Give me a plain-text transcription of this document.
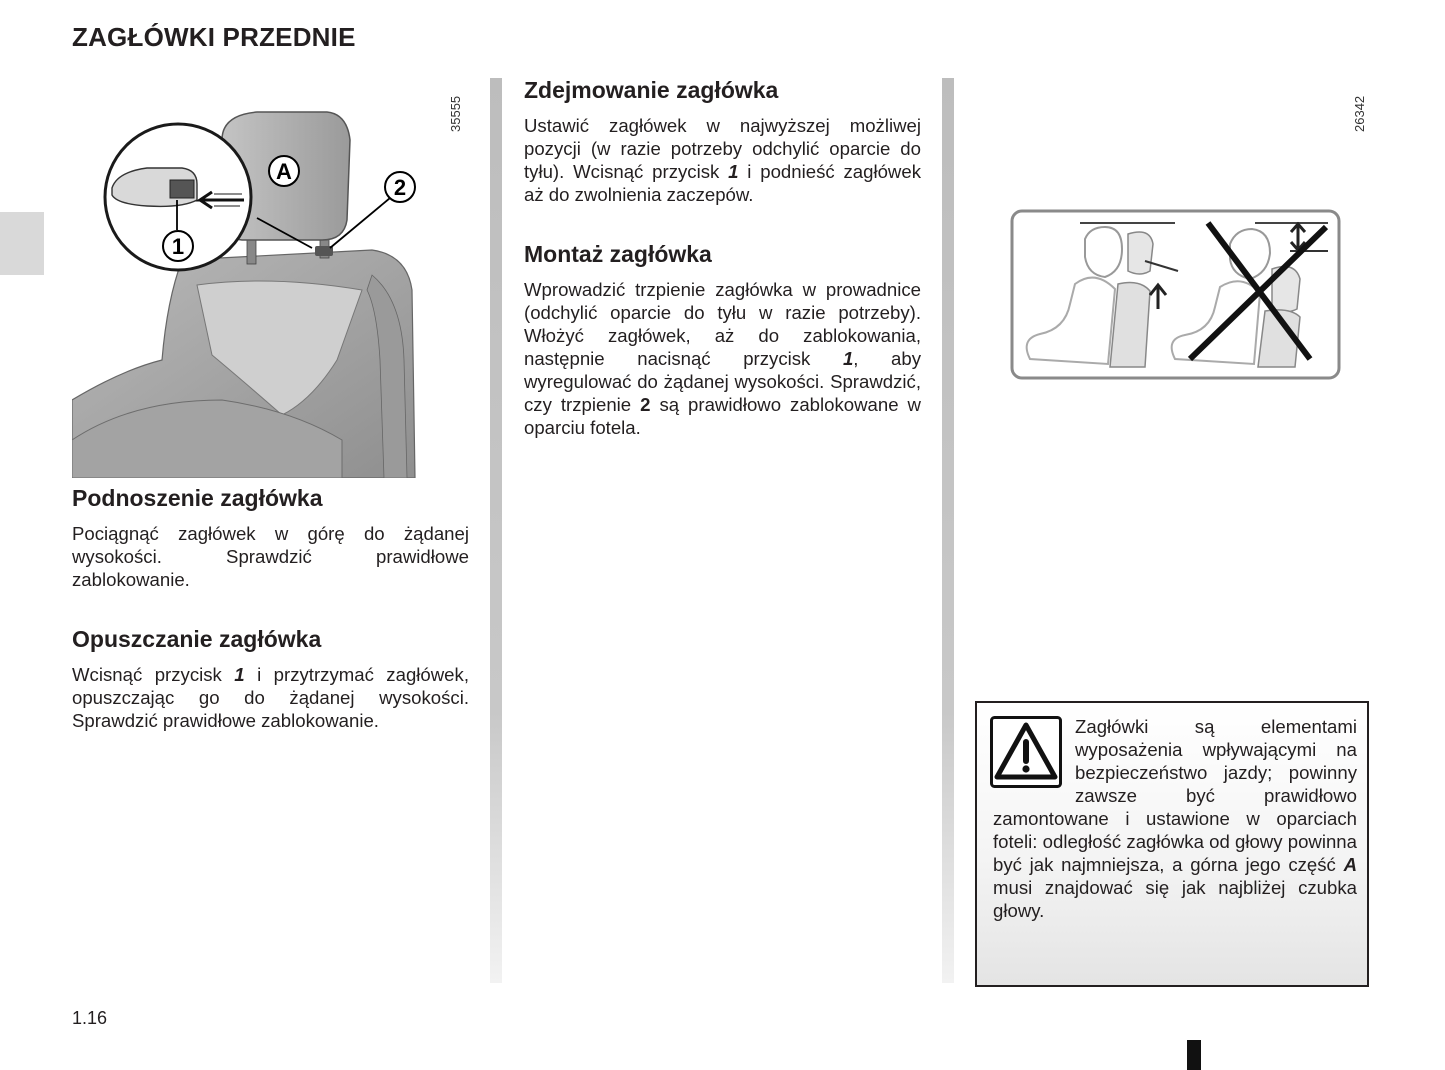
ZAGŁÓWKI PRZEDNIE
A
2
1
35555
Podnoszenie zagłówka

Pociągnąć zagłówek w górę do żądanej wysokości. Sprawdzić prawidłowe zablokowanie.

Opuszczanie zagłówka

Wcisnąć przycisk 1 i przytrzymać zagłówek, opuszczając go do żądanej wysokości. Sprawdzić prawidłowe zablokowanie.

Zdejmowanie zagłówka

Ustawić zagłówek w najwyższej możliwej pozycji (w razie potrzeby odchylić oparcie do tyłu). Wcisnąć przycisk 1 i podnieść zagłówek aż do zwolnienia zaczepów.

Montaż zagłówka

Wprowadzić trzpienie zagłówka w prowadnice (odchylić oparcie do tyłu w razie potrzeby). Włożyć zagłówek, aż do zablokowania, następnie nacisnąć przycisk 1, aby wyregulować do żądanej wysokości. Sprawdzić, czy trzpienie 2 są prawidłowo zablokowane w oparciu fotela.

26342

Zagłówki są elementami wyposażenia wpływającymi na bezpieczeństwo jazdy; powinny zawsze być prawidłowo zamontowane i ustawione w oparciach foteli: odległość zagłówka od głowy powinna być jak najmniejsza, a górna jego część A musi znajdować się jak najbliżej czubka głowy.

1.16
